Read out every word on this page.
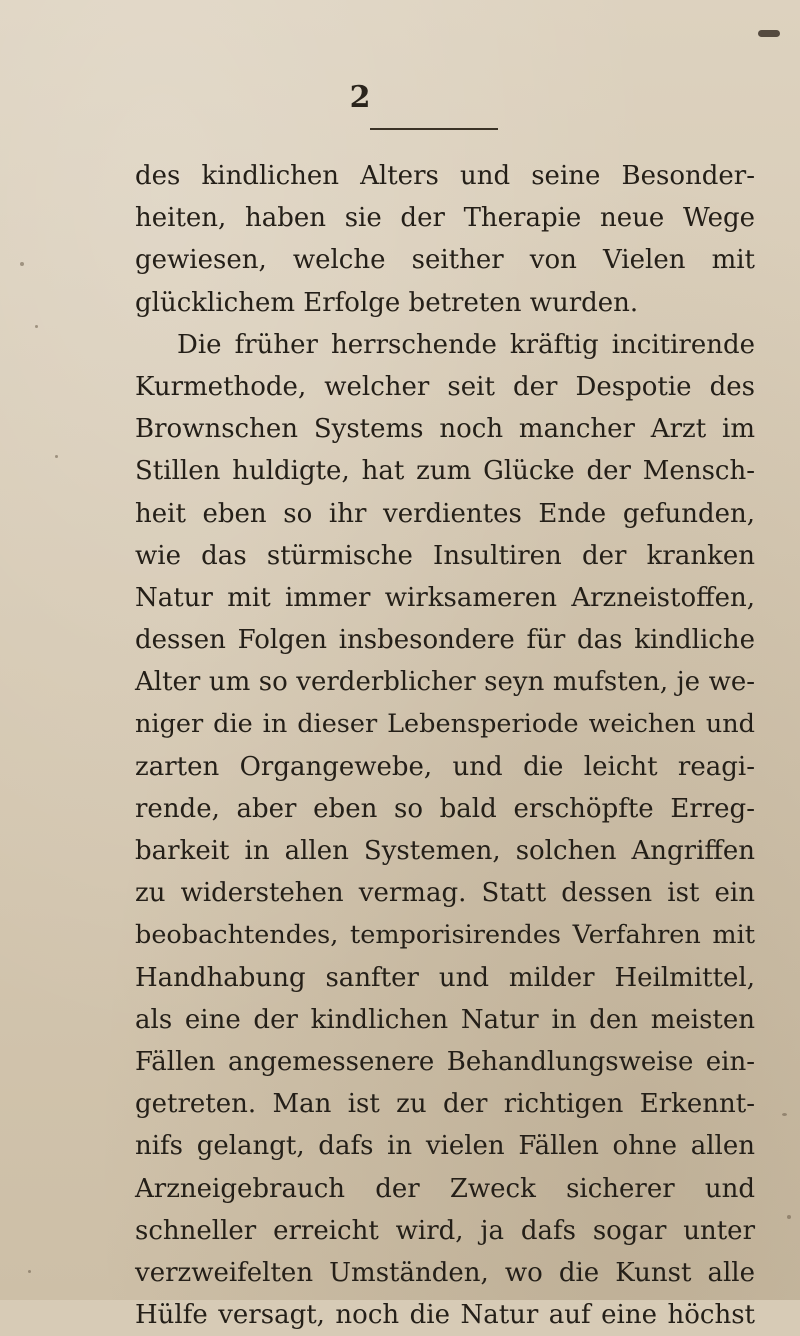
2
des kindlichen Alters und seine Besonder-
heiten, haben sie der Therapie neue Wege
gewiesen, welche seither von Vielen mit
glücklichem Erfolge betreten wurden.
Die früher herrschende kräftig incitirende
Kurmethode, welcher seit der Despotie des
Brownschen Systems noch mancher Arzt im
Stillen huldigte, hat zum Glücke der Mensch-
heit eben so ihr verdientes Ende gefunden,
wie das stürmische Insultiren der kranken
Natur mit immer wirksameren Arzneistoffen,
dessen Folgen insbesondere für das kindliche
Alter um so verderblicher seyn mufsten, je we-
niger die in dieser Lebensperiode weichen und
zarten Organgewebe, und die leicht reagi-
rende, aber eben so bald erschöpfte Erreg-
barkeit in allen Systemen, solchen Angriffen
zu widerstehen vermag. Statt dessen ist ein
beobachtendes, temporisirendes Verfahren mit
Handhabung sanfter und milder Heilmittel,
als eine der kindlichen Natur in den meisten
Fällen angemessenere Behandlungsweise ein-
getreten. Man ist zu der richtigen Erkennt-
nifs gelangt, dafs in vielen Fällen ohne allen
Arzneigebrauch der Zweck sicherer und
schneller erreicht wird, ja dafs sogar unter
verzweifelten Umständen, wo die Kunst alle
Hülfe versagt, noch die Natur auf eine höchst
